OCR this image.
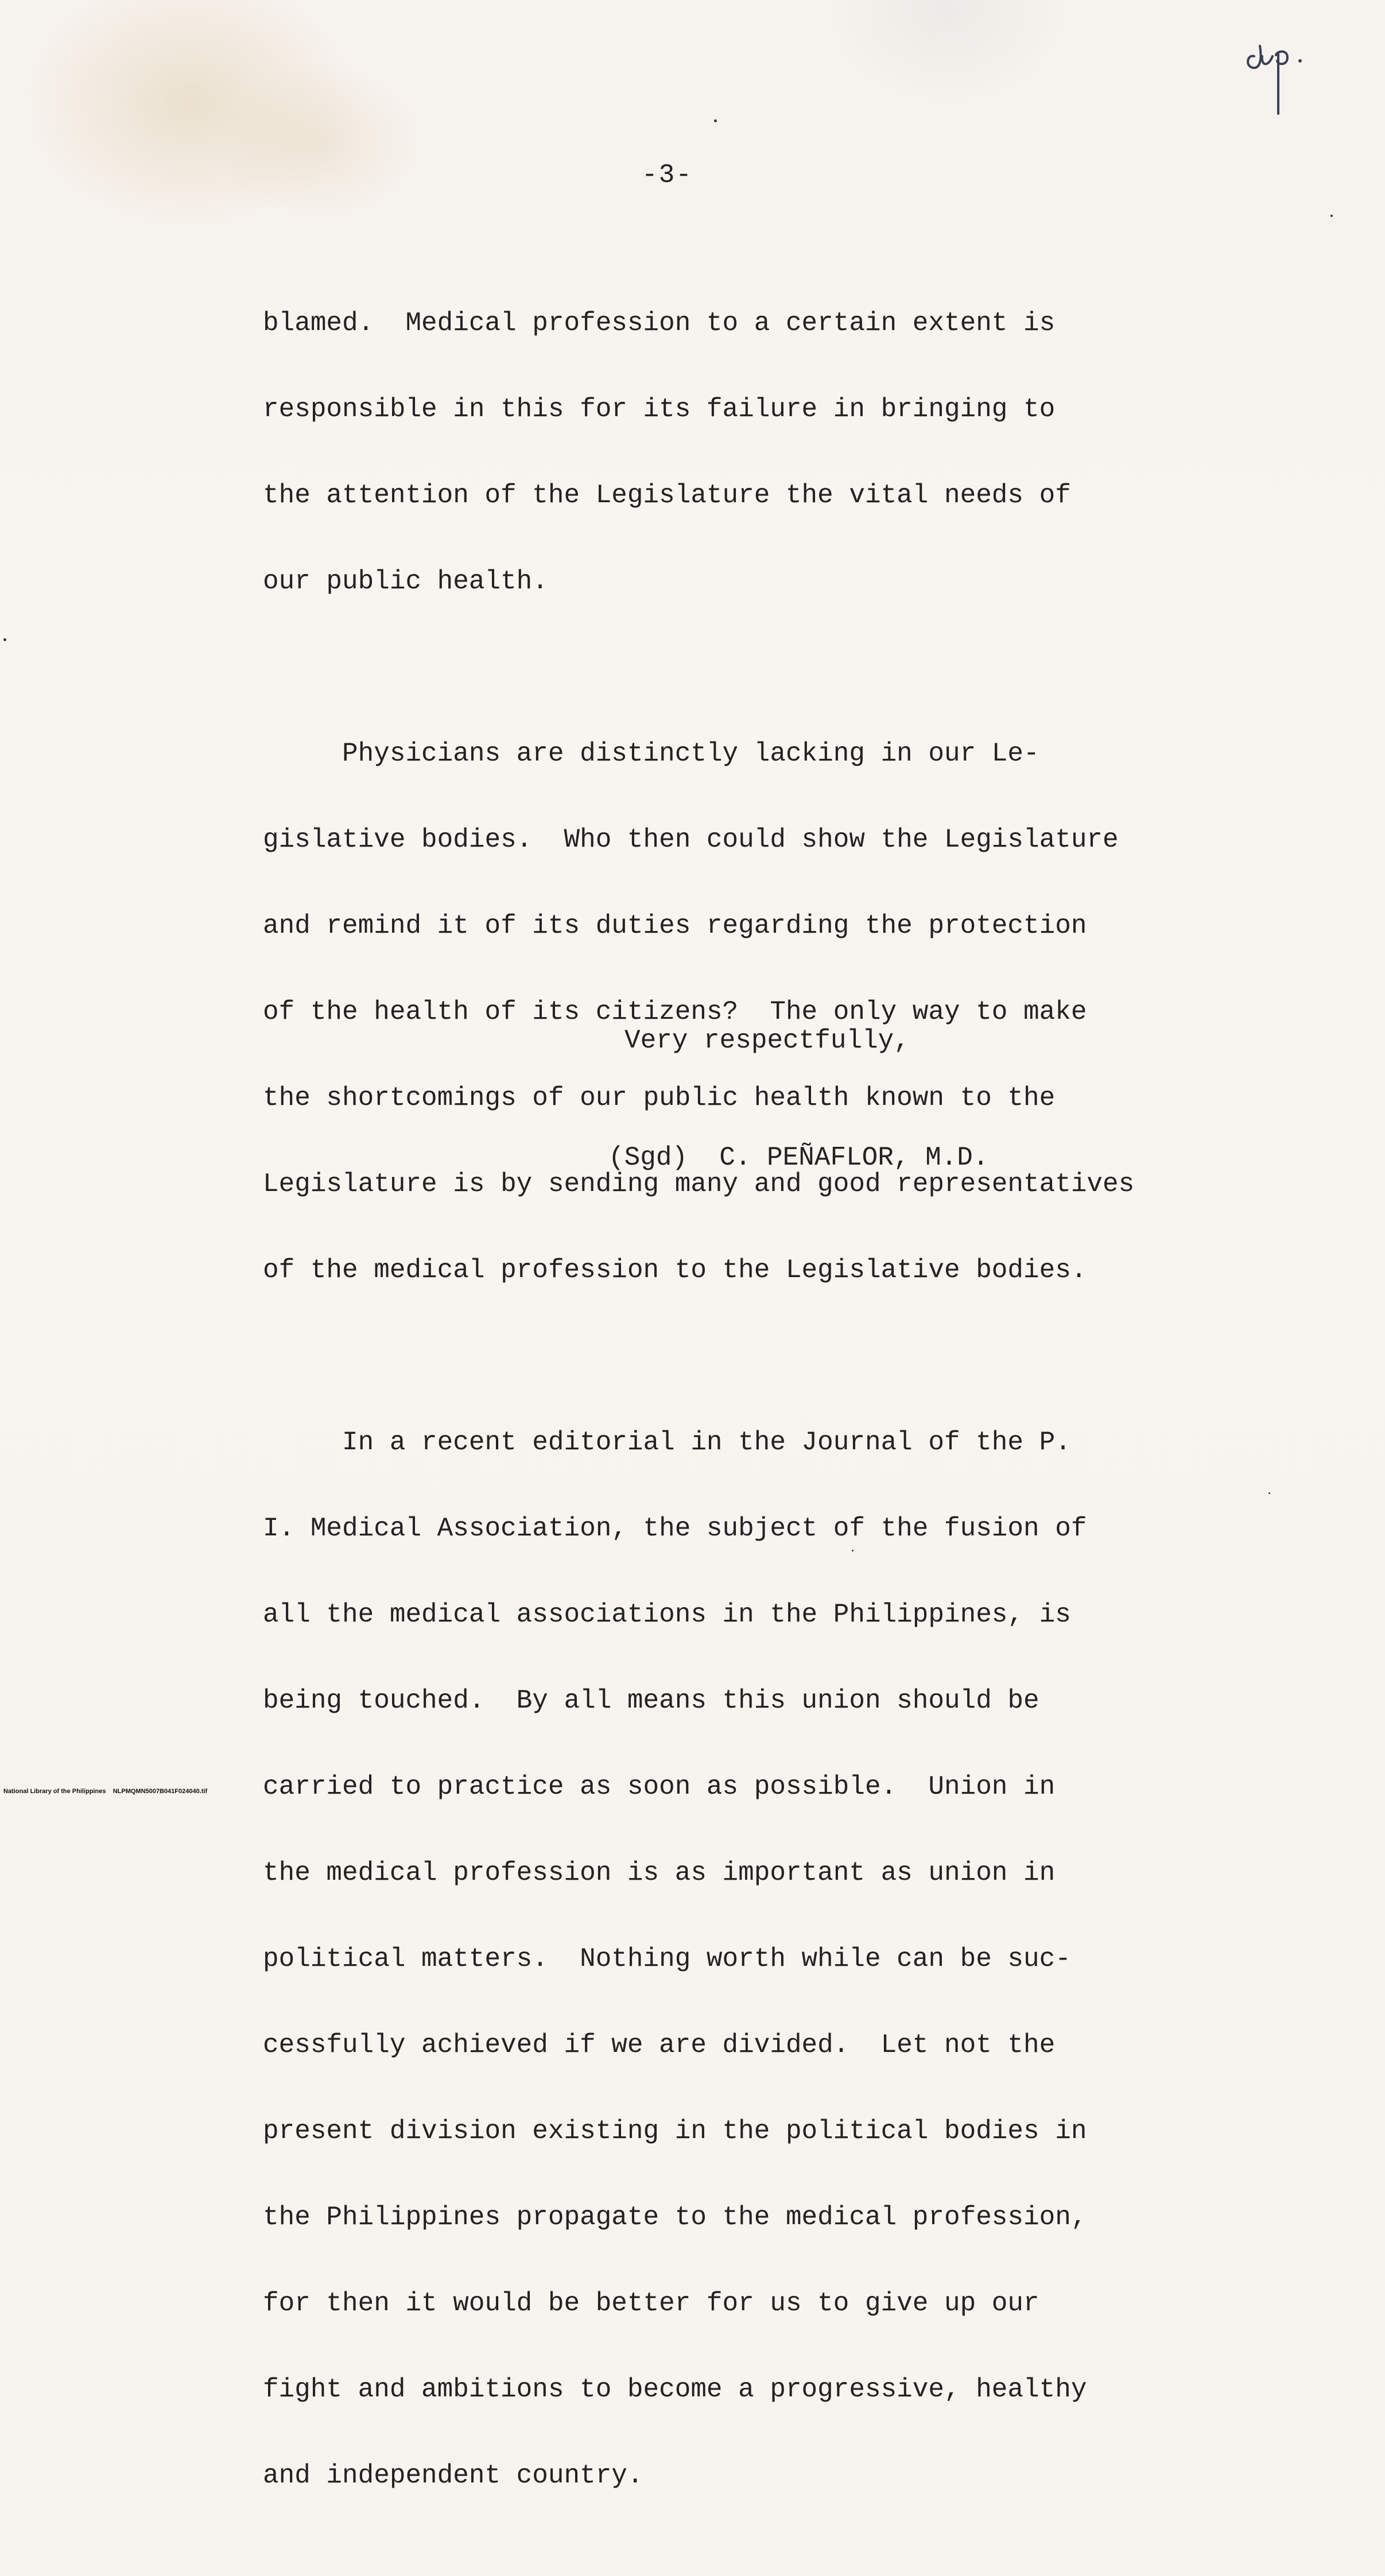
-3-

blamed.  Medical profession to a certain extent is

responsible in this for its failure in bringing to

the attention of the Legislature the vital needs of

our public health.

Physicians are distinctly lacking in our Le-

gislative bodies.  Who then could show the Legislature

and remind it of its duties regarding the protection

of the health of its citizens?  The only way to make

the shortcomings of our public health known to the

Legislature is by sending many and good representatives

of the medical profession to the Legislative bodies.

In a recent editorial in the Journal of the P.

I. Medical Association, the subject of the fusion of

all the medical associations in the Philippines, is

being touched.  By all means this union should be

carried to practice as soon as possible.  Union in

the medical profession is as important as union in

political matters.  Nothing worth while can be suc-

cessfully achieved if we are divided.  Let not the

present division existing in the political bodies in

the Philippines propagate to the medical profession,

for then it would be better for us to give up our

fight and ambitions to become a progressive, healthy

and independent country.

Very respectfully,
(Sgd)  C. PEÑAFLOR, M.D.
National Library of the Philippines    NLPMQMN5007B041F024040.tif
